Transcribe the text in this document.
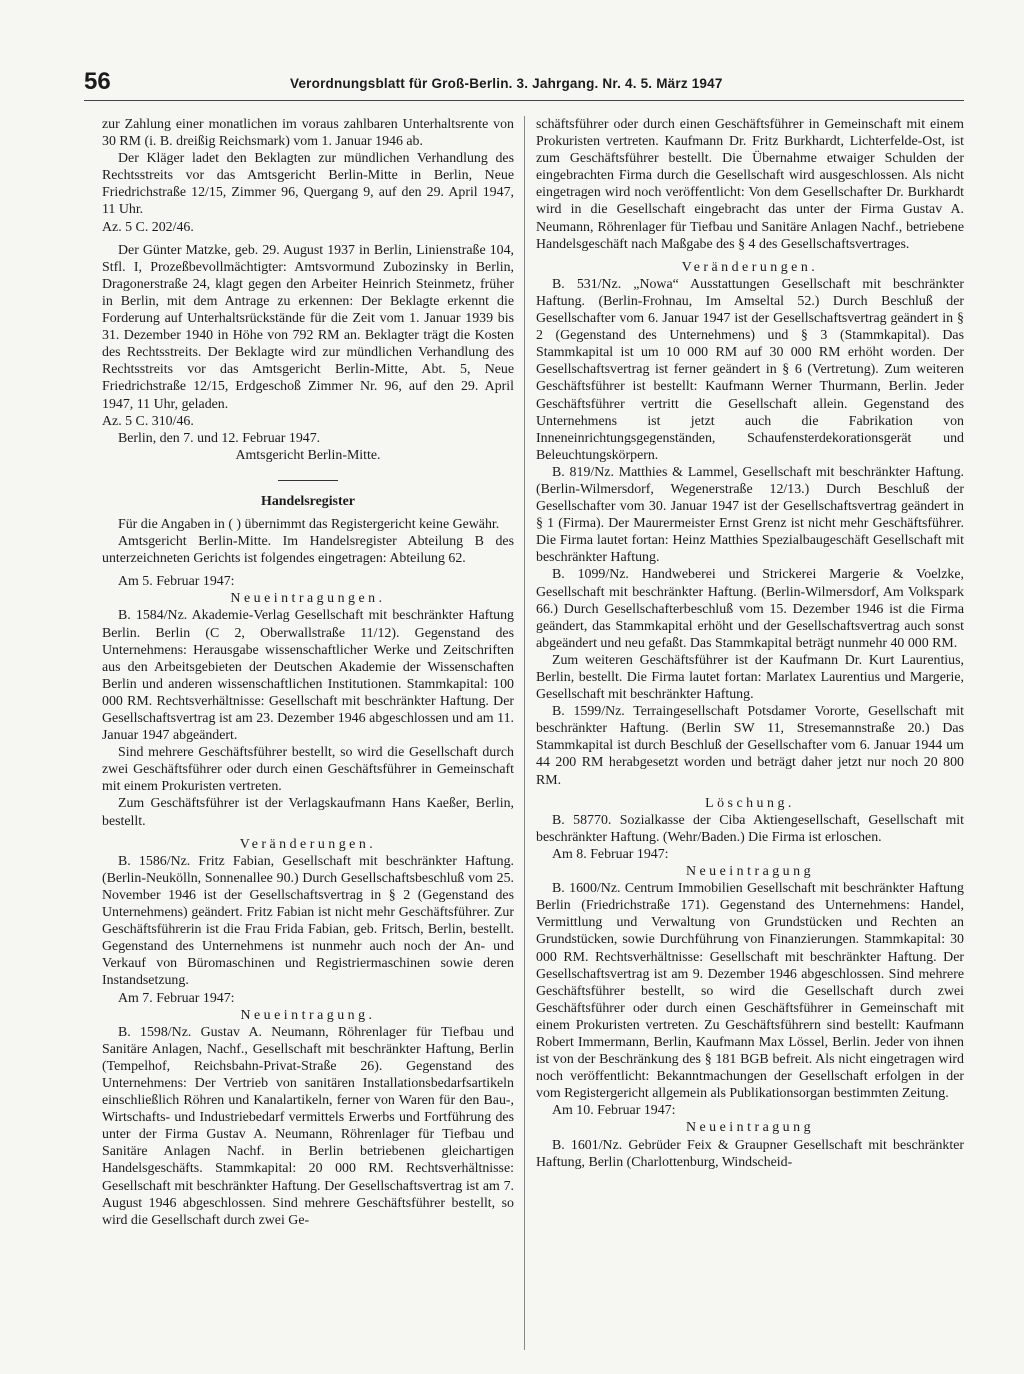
56	Verordnungsblatt für Groß-Berlin. 3. Jahrgang. Nr. 4. 5. März 1947

zur Zahlung einer monatlichen im voraus zahlbaren Unterhaltsrente von 30 RM (i. B. dreißig Reichsmark) vom 1. Januar 1946 ab.

Der Kläger ladet den Beklagten zur mündlichen Verhandlung des Rechtsstreits vor das Amtsgericht Berlin-Mitte in Berlin, Neue Friedrichstraße 12/15, Zimmer 96, Quergang 9, auf den 29. April 1947, 11 Uhr.

Az. 5 C. 202/46.

Der Günter Matzke, geb. 29. August 1937 in Berlin, Linienstraße 104, Stfl. I, Prozeßbevollmächtigter: Amtsvormund Zubozinsky in Berlin, Dragonerstraße 24, klagt gegen den Arbeiter Heinrich Steinmetz, früher in Berlin, mit dem Antrage zu erkennen: Der Beklagte erkennt die Forderung auf Unterhaltsrückstände für die Zeit vom 1. Januar 1939 bis 31. Dezember 1940 in Höhe von 792 RM an. Beklagter trägt die Kosten des Rechtsstreits. Der Beklagte wird zur mündlichen Verhandlung des Rechtsstreits vor das Amtsgericht Berlin-Mitte, Abt. 5, Neue Friedrichstraße 12/15, Erdgeschoß Zimmer Nr. 96, auf den 29. April 1947, 11 Uhr, geladen.

Az. 5 C. 310/46.

Berlin, den 7. und 12. Februar 1947.

Amtsgericht Berlin-Mitte.

Handelsregister

Für die Angaben in ( ) übernimmt das Registergericht keine Gewähr.

Amtsgericht Berlin-Mitte. Im Handelsregister Abteilung B des unterzeichneten Gerichts ist folgendes eingetragen: Abteilung 62.

Am 5. Februar 1947:

Neueintragungen.

B. 1584/Nz. Akademie-Verlag Gesellschaft mit beschränkter Haftung Berlin. Berlin (C 2, Oberwallstraße 11/12). Gegenstand des Unternehmens: Herausgabe wissenschaftlicher Werke und Zeitschriften aus den Arbeitsgebieten der Deutschen Akademie der Wissenschaften Berlin und anderen wissenschaftlichen Institutionen. Stammkapital: 100 000 RM. Rechtsverhältnisse: Gesellschaft mit beschränkter Haftung. Der Gesellschaftsvertrag ist am 23. Dezember 1946 abgeschlossen und am 11. Januar 1947 abgeändert.

Sind mehrere Geschäftsführer bestellt, so wird die Gesellschaft durch zwei Geschäftsführer oder durch einen Geschäftsführer in Gemeinschaft mit einem Prokuristen vertreten.

Zum Geschäftsführer ist der Verlagskaufmann Hans Kaeßer, Berlin, bestellt.

Veränderungen.

B. 1586/Nz. Fritz Fabian, Gesellschaft mit beschränkter Haftung. (Berlin-Neukölln, Sonnenallee 90.) Durch Gesellschaftsbeschluß vom 25. November 1946 ist der Gesellschaftsvertrag in § 2 (Gegenstand des Unternehmens) geändert. Fritz Fabian ist nicht mehr Geschäftsführer. Zur Geschäftsführerin ist die Frau Frida Fabian, geb. Fritsch, Berlin, bestellt. Gegenstand des Unternehmens ist nunmehr auch noch der An- und Verkauf von Büromaschinen und Registriermaschinen sowie deren Instandsetzung.

Am 7. Februar 1947:

Neueintragung.

B. 1598/Nz. Gustav A. Neumann, Röhrenlager für Tiefbau und Sanitäre Anlagen, Nachf., Gesellschaft mit beschränkter Haftung, Berlin (Tempelhof, Reichsbahn-Privat-Straße 26). Gegenstand des Unternehmens: Der Vertrieb von sanitären Installationsbedarfsartikeln einschließlich Röhren und Kanalartikeln, ferner von Waren für den Bau-, Wirtschafts- und Industriebedarf vermittels Erwerbs und Fortführung des unter der Firma Gustav A. Neumann, Röhrenlager für Tiefbau und Sanitäre Anlagen Nachf. in Berlin betriebenen gleichartigen Handelsgeschäfts. Stammkapital: 20 000 RM. Rechtsverhältnisse: Gesellschaft mit beschränkter Haftung. Der Gesellschaftsvertrag ist am 7. August 1946 abgeschlossen. Sind mehrere Geschäftsführer bestellt, so wird die Gesellschaft durch zwei Ge-

schäftsführer oder durch einen Geschäftsführer in Gemeinschaft mit einem Prokuristen vertreten. Kaufmann Dr. Fritz Burkhardt, Lichterfelde-Ost, ist zum Geschäftsführer bestellt. Die Übernahme etwaiger Schulden der eingebrachten Firma durch die Gesellschaft wird ausgeschlossen. Als nicht eingetragen wird noch veröffentlicht: Von dem Gesellschafter Dr. Burkhardt wird in die Gesellschaft eingebracht das unter der Firma Gustav A. Neumann, Röhrenlager für Tiefbau und Sanitäre Anlagen Nachf., betriebene Handelsgeschäft nach Maßgabe des § 4 des Gesellschaftsvertrages.

Veränderungen.

B. 531/Nz. „Nowa“ Ausstattungen Gesellschaft mit beschränkter Haftung. (Berlin-Frohnau, Im Amseltal 52.) Durch Beschluß der Gesellschafter vom 6. Januar 1947 ist der Gesellschaftsvertrag geändert in § 2 (Gegenstand des Unternehmens) und § 3 (Stammkapital). Das Stammkapital ist um 10 000 RM auf 30 000 RM erhöht worden. Der Gesellschaftsvertrag ist ferner geändert in § 6 (Vertretung). Zum weiteren Geschäftsführer ist bestellt: Kaufmann Werner Thurmann, Berlin. Jeder Geschäftsführer vertritt die Gesellschaft allein. Gegenstand des Unternehmens ist jetzt auch die Fabrikation von Inneneinrichtungsgegenständen, Schaufensterdekorationsgerät und Beleuchtungskörpern.

B. 819/Nz. Matthies & Lammel, Gesellschaft mit beschränkter Haftung. (Berlin-Wilmersdorf, Wegenerstraße 12/13.) Durch Beschluß der Gesellschafter vom 30. Januar 1947 ist der Gesellschaftsvertrag geändert in § 1 (Firma). Der Maurermeister Ernst Grenz ist nicht mehr Geschäftsführer. Die Firma lautet fortan: Heinz Matthies Spezialbaugeschäft Gesellschaft mit beschränkter Haftung.

B. 1099/Nz. Handweberei und Strickerei Margerie & Voelzke, Gesellschaft mit beschränkter Haftung. (Berlin-Wilmersdorf, Am Volkspark 66.) Durch Gesellschafterbeschluß vom 15. Dezember 1946 ist die Firma geändert, das Stammkapital erhöht und der Gesellschaftsvertrag auch sonst abgeändert und neu gefaßt. Das Stammkapital beträgt nunmehr 40 000 RM.

Zum weiteren Geschäftsführer ist der Kaufmann Dr. Kurt Laurentius, Berlin, bestellt. Die Firma lautet fortan: Marlatex Laurentius und Margerie, Gesellschaft mit beschränkter Haftung.

B. 1599/Nz. Terraingesellschaft Potsdamer Vororte, Gesellschaft mit beschränkter Haftung. (Berlin SW 11, Stresemannstraße 20.) Das Stammkapital ist durch Beschluß der Gesellschafter vom 6. Januar 1944 um 44 200 RM herabgesetzt worden und beträgt daher jetzt nur noch 20 800 RM.

Löschung.

B. 58770. Sozialkasse der Ciba Aktiengesellschaft, Gesellschaft mit beschränkter Haftung. (Wehr/Baden.) Die Firma ist erloschen.

Am 8. Februar 1947:

Neueintragung

B. 1600/Nz. Centrum Immobilien Gesellschaft mit beschränkter Haftung Berlin (Friedrichstraße 171). Gegenstand des Unternehmens: Handel, Vermittlung und Verwaltung von Grundstücken und Rechten an Grundstücken, sowie Durchführung von Finanzierungen. Stammkapital: 30 000 RM. Rechtsverhältnisse: Gesellschaft mit beschränkter Haftung. Der Gesellschaftsvertrag ist am 9. Dezember 1946 abgeschlossen. Sind mehrere Geschäftsführer bestellt, so wird die Gesellschaft durch zwei Geschäftsführer oder durch einen Geschäftsführer in Gemeinschaft mit einem Prokuristen vertreten. Zu Geschäftsführern sind bestellt: Kaufmann Robert Immermann, Berlin, Kaufmann Max Lössel, Berlin. Jeder von ihnen ist von der Beschränkung des § 181 BGB befreit. Als nicht eingetragen wird noch veröffentlicht: Bekanntmachungen der Gesellschaft erfolgen in der vom Registergericht allgemein als Publikationsorgan bestimmten Zeitung.

Am 10. Februar 1947:

Neueintragung

B. 1601/Nz. Gebrüder Feix & Graupner Gesellschaft mit beschränkter Haftung, Berlin (Charlottenburg, Windscheid-
